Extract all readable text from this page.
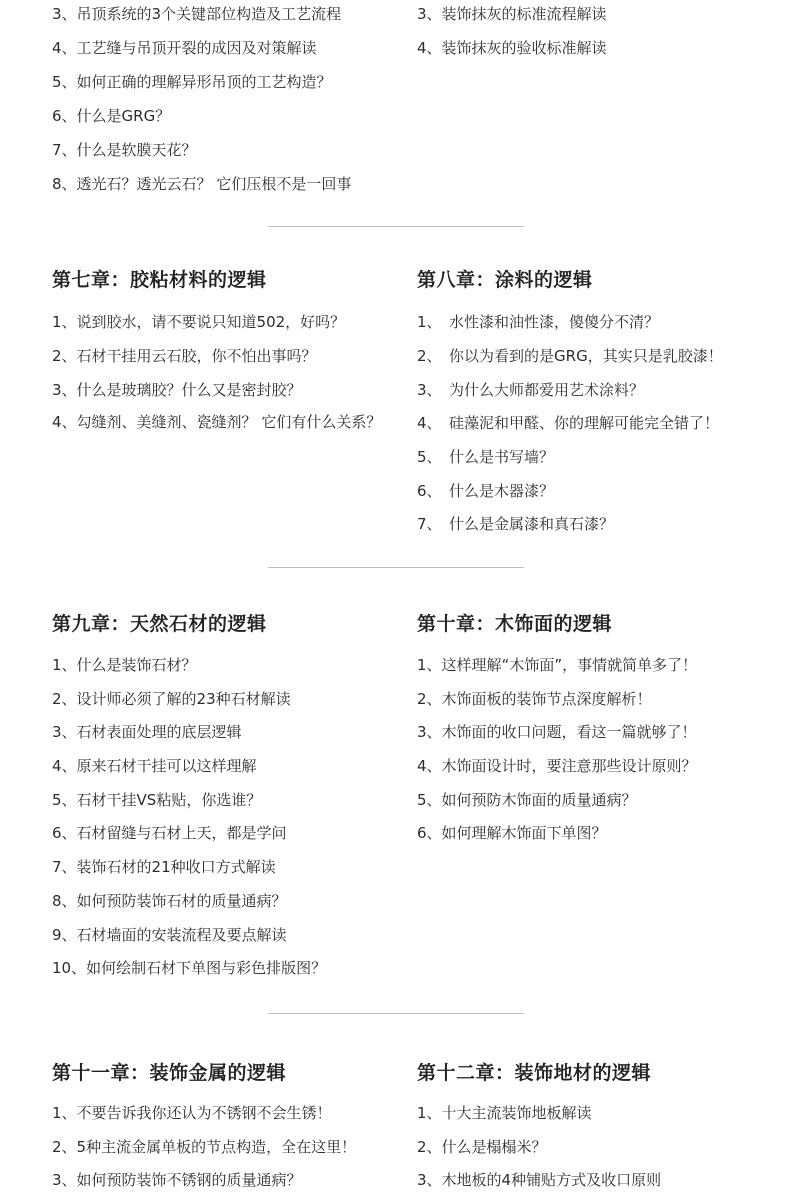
3、吊顶系统的3个关键部位构造及工艺流程
4、工艺缝与吊顶开裂的成因及对策解读
5、如何正确的理解异形吊顶的工艺构造？
6、什么是GRG？
7、什么是软膜天花？
8、透光石？透光云石？ 它们压根不是一回事
3、装饰抹灰的标准流程解读
4、装饰抹灰的验收标准解读
第七章：胶粘材料的逻辑
1、说到胶水，请不要说只知道502，好吗？
2、石材干挂用云石胶，你不怕出事吗？
3、什么是玻璃胶？什么又是密封胶？
4、勾缝剂、美缝剂、瓷缝剂？ 它们有什么关系？
第八章：涂料的逻辑
1、　水性漆和油性漆，傻傻分不清？
2、　你以为看到的是GRG，其实只是乳胶漆！
3、　为什么大师都爱用艺术涂料？
4、　硅藻泥和甲醛、你的理解可能完全错了！
5、　什么是书写墙？
6、　什么是木器漆？
7、　什么是金属漆和真石漆？
第九章：天然石材的逻辑
1、什么是装饰石材？
2、设计师必须了解的23种石材解读
3、石材表面处理的底层逻辑
4、原来石材干挂可以这样理解
5、石材干挂VS粘贴，你选谁？
6、石材留缝与石材上天，都是学问
7、装饰石材的21种收口方式解读
8、如何预防装饰石材的质量通病？
9、石材墙面的安装流程及要点解读
10、如何绘制石材下单图与彩色排版图？
第十章：木饰面的逻辑
1、这样理解“木饰面”，事情就简单多了！
2、木饰面板的装饰节点深度解析！
3、木饰面的收口问题，看这一篇就够了！
4、木饰面设计时，要注意那些设计原则？
5、如何预防木饰面的质量通病？
6、如何理解木饰面下单图？
第十一章：装饰金属的逻辑
1、不要告诉我你还认为不锈钢不会生锈！
2、5种主流金属单板的节点构造，全在这里！
3、如何预防装饰不锈钢的质量通病？
第十二章：装饰地材的逻辑
1、十大主流装饰地板解读
2、什么是榻榻米？
3、木地板的4种铺贴方式及收口原则
